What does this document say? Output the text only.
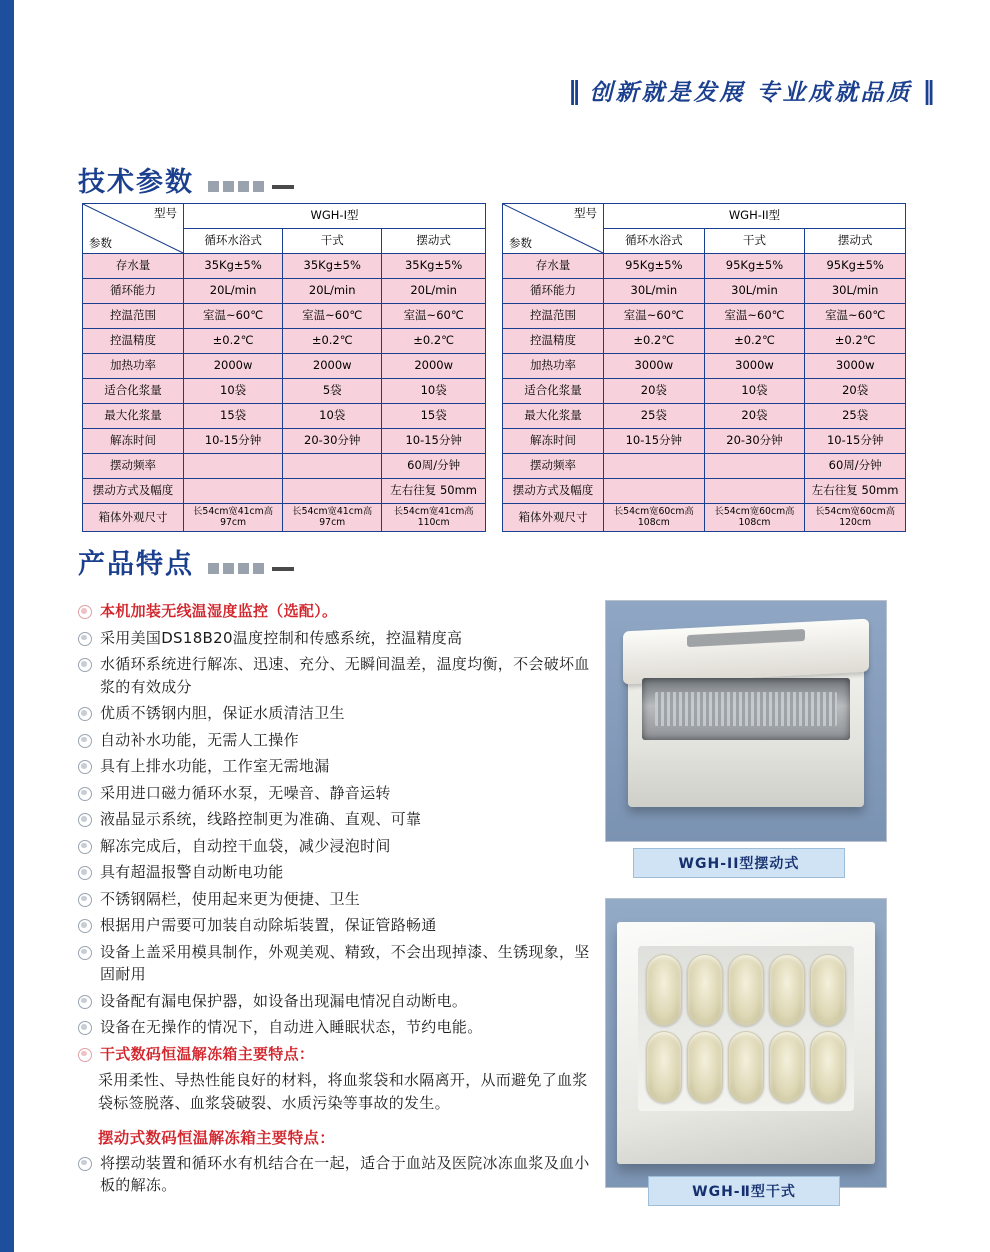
‖ 创新就是发展 专业成就品质 ‖
技术参数
型号
参数	WGH-I型		
	循环水浴式	干式	摆动式
存水量	35Kg±5%	35Kg±5%	35Kg±5%
循环能力	20L/min	20L/min	20L/min
控温范围	室温~60℃	室温~60℃	室温~60℃
控温精度	±0.2℃	±0.2℃	±0.2℃
加热功率	2000w	2000w	2000w
适合化浆量	10袋	5袋	10袋
最大化浆量	15袋	10袋	15袋
解冻时间	10-15分钟	20-30分钟	10-15分钟
摆动频率			60周/分钟
摆动方式及幅度			左右往复 50mm
箱体外观尺寸	长54cm宽41cm高97cm	长54cm宽41cm高97cm	长54cm宽41cm高110cm
型号
参数	WGH-II型		
	循环水浴式	干式	摆动式
存水量	95Kg±5%	95Kg±5%	95Kg±5%
循环能力	30L/min	30L/min	30L/min
控温范围	室温~60℃	室温~60℃	室温~60℃
控温精度	±0.2℃	±0.2℃	±0.2℃
加热功率	3000w	3000w	3000w
适合化浆量	20袋	10袋	20袋
最大化浆量	25袋	20袋	25袋
解冻时间	10-15分钟	20-30分钟	10-15分钟
摆动频率			60周/分钟
摆动方式及幅度			左右往复 50mm
箱体外观尺寸	长54cm宽60cm高108cm	长54cm宽60cm高108cm	长54cm宽60cm高120cm
产品特点
本机加装无线温湿度监控（选配）。
采用美国DS18B20温度控制和传感系统，控温精度高
水循环系统进行解冻、迅速、充分、无瞬间温差，温度均衡，不会破坏血浆的有效成分
优质不锈钢内胆，保证水质清洁卫生
自动补水功能，无需人工操作
具有上排水功能，工作室无需地漏
采用进口磁力循环水泵，无噪音、静音运转
液晶显示系统，线路控制更为准确、直观、可靠
解冻完成后，自动控干血袋，减少浸泡时间
具有超温报警自动断电功能
不锈钢隔栏，使用起来更为便捷、卫生
根据用户需要可加装自动除垢装置，保证管路畅通
设备上盖采用模具制作，外观美观、精致，不会出现掉漆、生锈现象，坚固耐用
设备配有漏电保护器，如设备出现漏电情况自动断电。
设备在无操作的情况下，自动进入睡眠状态，节约电能。
干式数码恒温解冻箱主要特点：
采用柔性、导热性能良好的材料，将血浆袋和水隔离开，从而避免了血浆袋标签脱落、血浆袋破裂、水质污染等事故的发生。
摆动式数码恒温解冻箱主要特点：
将摆动装置和循环水有机结合在一起，适合于血站及医院冰冻血浆及血小板的解冻。
WGH-II型摆动式
WGH-Ⅱ型干式
